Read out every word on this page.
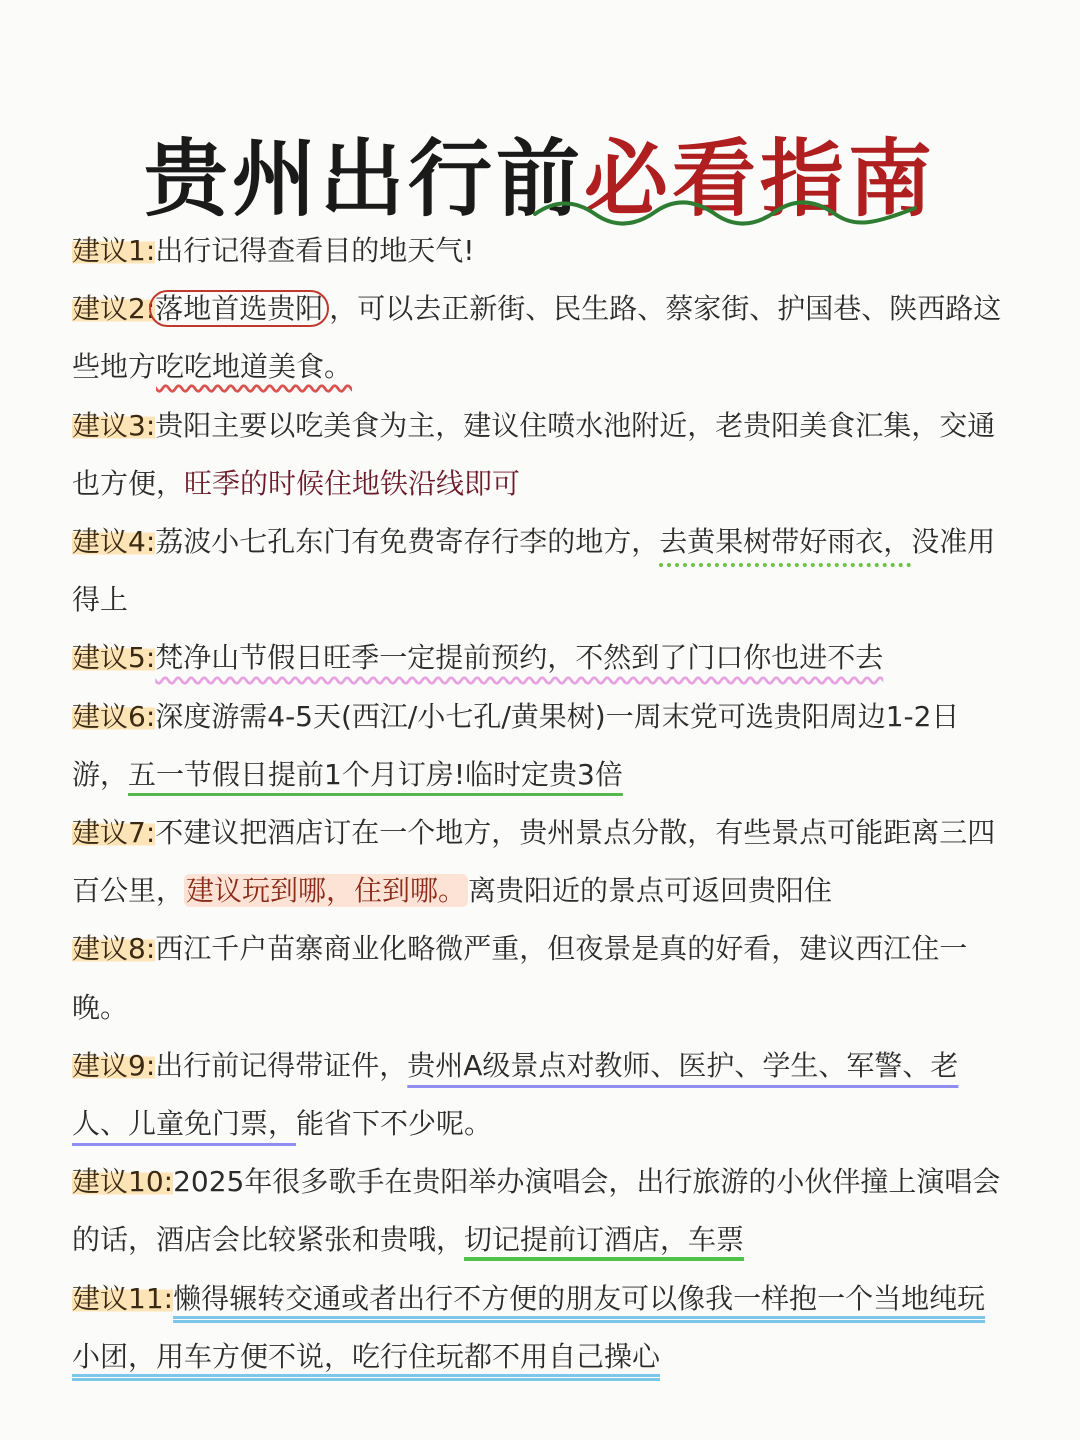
贵州出行前必看指南

建议1:出行记得查看目的地天气!

建议2:落地首选贵阳 ，可以去正新街、民生路、蔡家街、护国巷、陕西路这些地方吃吃地道美食。

建议3:贵阳主要以吃美食为主，建议住喷水池附近，老贵阳美食汇集，交通也方便，旺季的时候住地铁沿线即可

建议4:荔波小七孔东门有免费寄存行李的地方，去黄果树带好雨衣，没准用得上

建议5:梵净山节假日旺季一定提前预约，不然到了门口你也进不去

建议6:深度游需4-5天(西江/小七孔/黄果树)一周末党可选贵阳周边1-2日游，五一节假日提前1个月订房!临时定贵3倍

建议7:不建议把酒店订在一个地方，贵州景点分散，有些景点可能距离三四百公里，建议玩到哪，住到哪。离贵阳近的景点可返回贵阳住

建议8:西江千户苗寨商业化略微严重，但夜景是真的好看，建议西江住一晚。

建议9:出行前记得带证件，贵州A级景点对教师、医护、学生、军警、老人、儿童免门票，能省下不少呢。

建议10:2025年很多歌手在贵阳举办演唱会，出行旅游的小伙伴撞上演唱会的话，酒店会比较紧张和贵哦，切记提前订酒店，车票

建议11:懒得辗转交通或者出行不方便的朋友可以像我一样抱一个当地纯玩小团，用车方便不说，吃行住玩都不用自己操心
